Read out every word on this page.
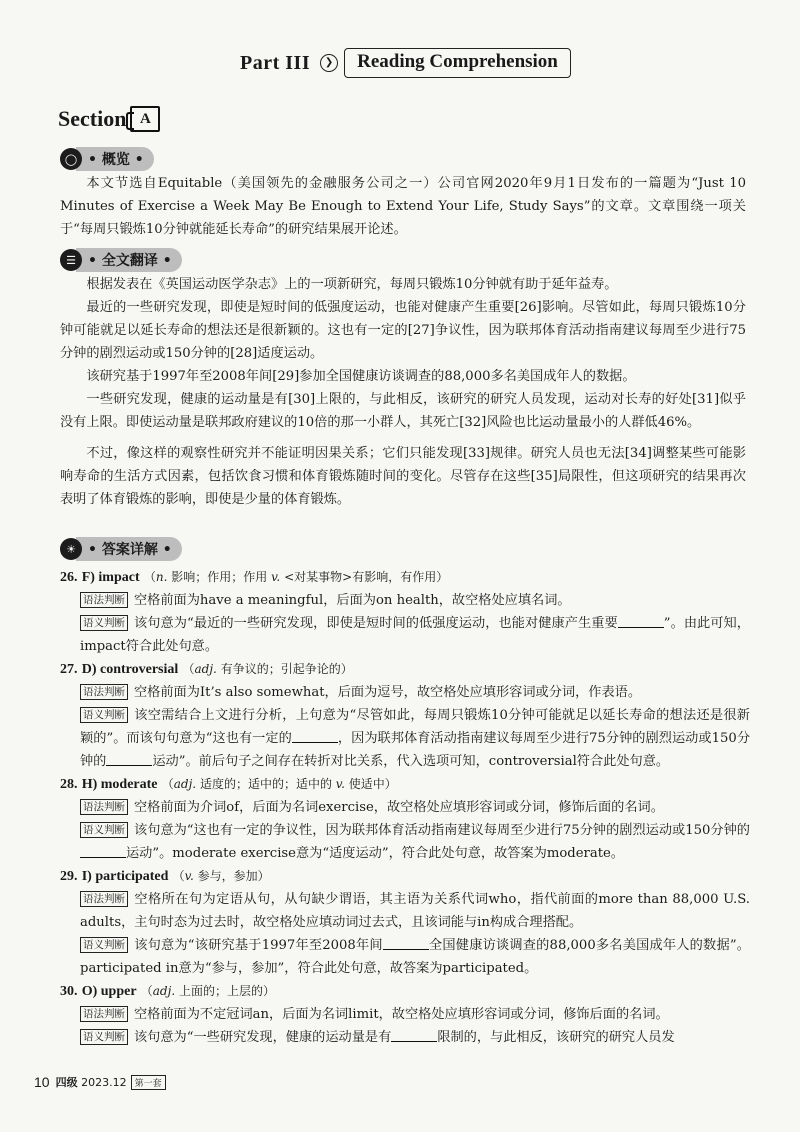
Part III	❯	Reading Comprehension
Section A
◯ • 概览 •

本文节选自Equitable（美国领先的金融服务公司之一）公司官网2020年9月1日发布的一篇题为“Just 10 Minutes of Exercise a Week May Be Enough to Extend Your Life, Study Says”的文章。文章围绕一项关于“每周只锻炼10分钟就能延长寿命”的研究结果展开论述。

☰ • 全文翻译 •

根据发表在《英国运动医学杂志》上的一项新研究，每周只锻炼10分钟就有助于延年益寿。

最近的一些研究发现，即使是短时间的低强度运动，也能对健康产生重要[26]影响。尽管如此，每周只锻炼10分钟可能就足以延长寿命的想法还是很新颖的。这也有一定的[27]争议性，因为联邦体育活动指南建议每周至少进行75分钟的剧烈运动或150分钟的[28]适度运动。

该研究基于1997年至2008年间[29]参加全国健康访谈调查的88,000多名美国成年人的数据。

一些研究发现，健康的运动量是有[30]上限的，与此相反，该研究的研究人员发现，运动对长寿的好处[31]似乎没有上限。即使运动量是联邦政府建议的10倍的那一小群人，其死亡[32]风险也比运动量最小的人群低46%。

不过，像这样的观察性研究并不能证明因果关系；它们只能发现[33]规律。研究人员也无法[34]调整某些可能影响寿命的生活方式因素，包括饮食习惯和体育锻炼随时间的变化。尽管存在这些[35]局限性，但这项研究的结果再次表明了体育锻炼的影响，即使是少量的体育锻炼。

☀ • 答案详解 •

26. F) impact （n. 影响；作用；作用 v. <对某事物>有影响，有作用）

语法判断 空格前面为have a meaningful，后面为on health，故空格处应填名词。

语义判断 该句意为“最近的一些研究发现，即使是短时间的低强度运动，也能对健康产生重要	”。由此可知，impact符合此处句意。

27. D) controversial （adj. 有争议的；引起争论的）

语法判断 空格前面为It’s also somewhat，后面为逗号，故空格处应填形容词或分词，作表语。

语义判断 该空需结合上文进行分析，上句意为“尽管如此，每周只锻炼10分钟可能就足以延长寿命的想法还是很新颖的”。而该句句意为“这也有一定的	，因为联邦体育活动指南建议每周至少进行75分钟的剧烈运动或150分钟的	运动”。前后句子之间存在转折对比关系，代入选项可知，controversial符合此处句意。

28. H) moderate （adj. 适度的；适中的；适中的 v. 使适中）

语法判断 空格前面为介词of，后面为名词exercise，故空格处应填形容词或分词，修饰后面的名词。

语义判断 该句意为“这也有一定的争议性，因为联邦体育活动指南建议每周至少进行75分钟的剧烈运动或150分钟的运动”。moderate exercise意为“适度运动”，符合此处句意，故答案为moderate。

29. I) participated （v. 参与，参加）

语法判断 空格所在句为定语从句，从句缺少谓语，其主语为关系代词who，指代前面的more than 88,000 U.S. adults，主句时态为过去时，故空格处应填动词过去式，且该词能与in构成合理搭配。

语义判断 该句意为“该研究基于1997年至2008年间	全国健康访谈调查的88,000多名美国成年人的数据”。participated in意为“参与，参加”，符合此处句意，故答案为participated。

30. O) upper （adj. 上面的；上层的）

语法判断 空格前面为不定冠词an，后面为名词limit，故空格处应填形容词或分词，修饰后面的名词。

语义判断 该句意为“一些研究发现，健康的运动量是有	限制的，与此相反，该研究的研究人员发

10 四级
2023.12 第一套
